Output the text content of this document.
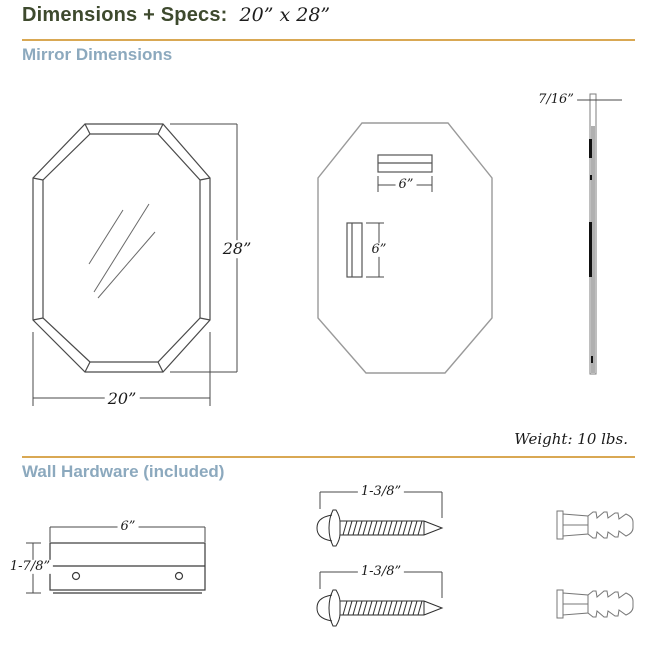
Dimensions + Specs: 20” x 28”
Mirror Dimensions
28”
20”
6”
6”
7/16”
Weight: 10 lbs.
Wall Hardware (included)
6”
1-7/8”
1-3/8”
1-3/8”
